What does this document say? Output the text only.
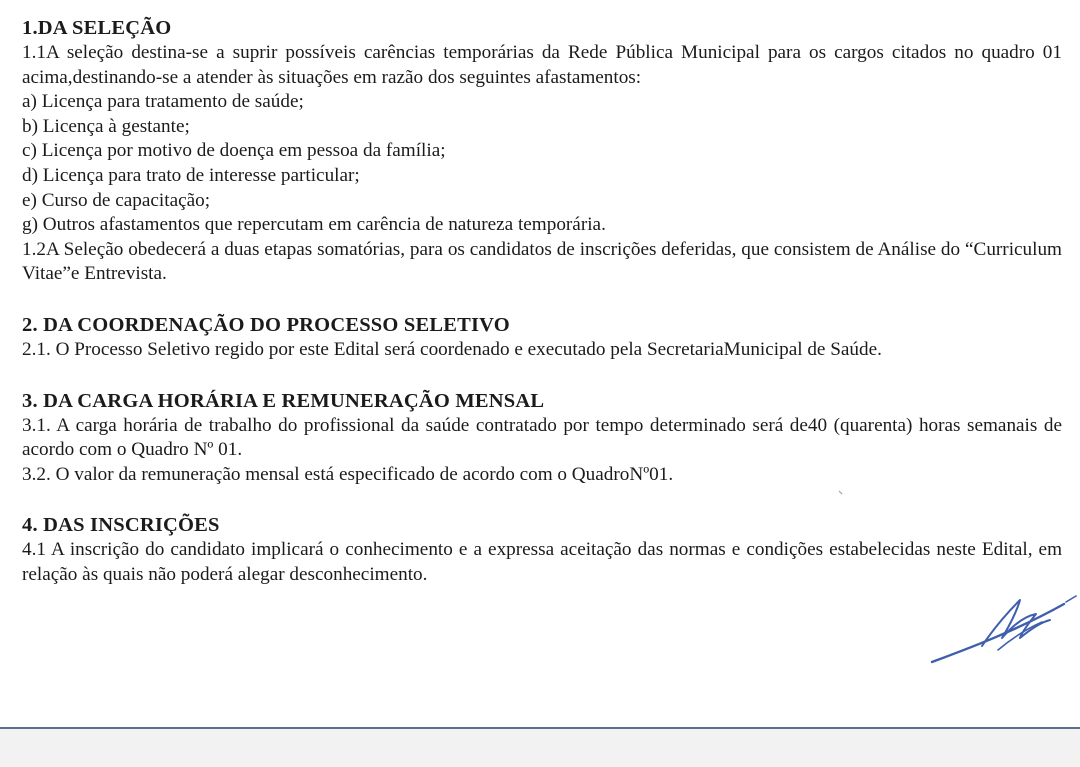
1.DA SELEÇÃO

1.1A seleção destina-se a suprir possíveis carências temporárias da Rede Pública Municipal para os cargos citados no quadro 01 acima,destinando-se a atender às situações em razão dos seguintes afastamentos:

a) Licença para tratamento de saúde;
b) Licença à gestante;
c) Licença por motivo de doença em pessoa da família;
d) Licença para trato de interesse particular;
e) Curso de capacitação;
g) Outros afastamentos que repercutam em carência de natureza temporária.

1.2A Seleção obedecerá a duas etapas somatórias, para os candidatos de inscrições deferidas, que consistem de Análise do “Curriculum Vitae”e Entrevista.

2. DA COORDENAÇÃO DO PROCESSO SELETIVO

2.1. O Processo Seletivo regido por este Edital será coordenado e executado pela SecretariaMunicipal de Saúde.

3. DA CARGA HORÁRIA E REMUNERAÇÃO MENSAL

3.1. A carga horária de trabalho do profissional da saúde contratado por tempo determinado será de40 (quarenta) horas semanais de acordo com o Quadro Nº 01.

3.2. O valor da remuneração mensal está especificado de acordo com o QuadroNº01.

4. DAS INSCRIÇÕES

4.1 A inscrição do candidato implicará o conhecimento e a expressa aceitação das normas e condições estabelecidas neste Edital, em relação às quais não poderá alegar desconhecimento.
